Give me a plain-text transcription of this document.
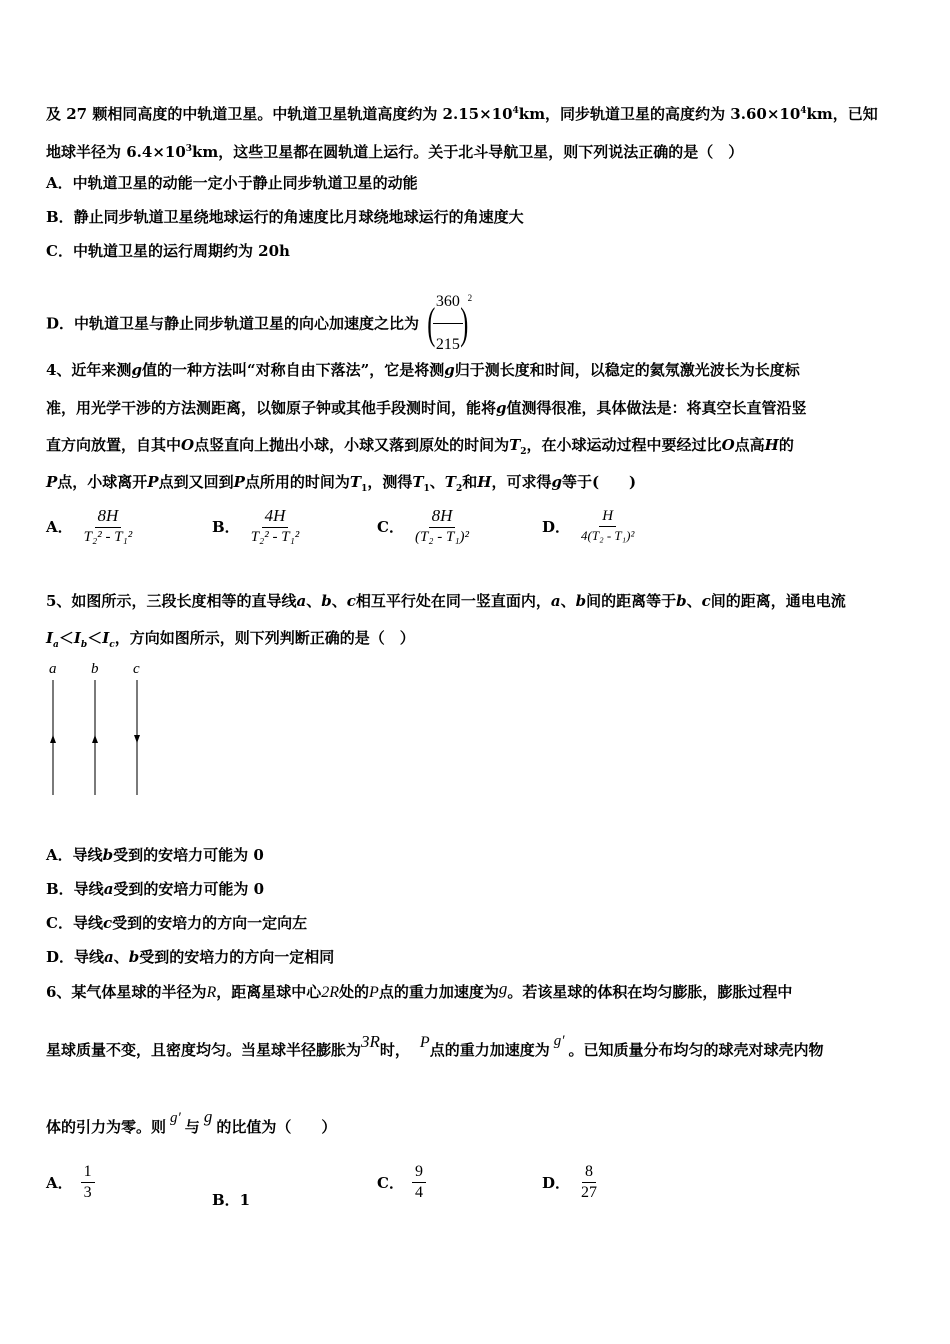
及 27 颗相同高度的中轨道卫星。中轨道卫星轨道高度约为 $2.15\times 10^4km$，同步轨道卫星的高度约为 $3.60\times 10^4km$，已知
地球半径为 $6.4\times 10^3km$，这些卫星都在圆轨道上运行。关于北斗导航卫星，则下列说法正确的是（　）
A．中轨道卫星的动能一定小于静止同步轨道卫星的动能
B．静止同步轨道卫星绕地球运行的角速度比月球绕地球运行的角速度大
C．中轨道卫星的运行周期约为 20h
D．中轨道卫星与静止同步轨道卫星的向心加速度之比为 (
$\frac{360}{215}$
)$^2$
4、近年来测g值的一种方法叫“对称自由下落法”，它是将测g归于测长度和时间，以稳定的氦氖激光波长为长度标
准，用光学干涉的方法测距离，以铷原子钟或其他手段测时间，能将g值测得很准，具体做法是：将真空长直管沿竖
直方向放置，自其中O点竖直向上抛出小球，小球又落到原处的时间为$T_2$，在小球运动过程中要经过比O点高H的
P点，小球离开P点到又回到P点所用的时间为$T_1$，测得$T_1$、$T_2$和H，可求得g等于(　　)
A． $\frac{8H}{\text{T₂² - T₁²}}$	B． $\frac{4H}{\text{T₂² - T₁²}}$	C． $\frac{8H}{\text{(T₂ - T₁)²}}$	D． $\frac{H}{\text{4(T₂ - T₁)²}}$
5、如图所示，三段长度相等的直导线a、b、c相互平行处在同一竖直面内，a、b间的距离等于b、c间的距离，通电电流
$I_a<I_b<I_c$，方向如图所示，则下列判断正确的是（　）
a b c
A．导线b受到的安培力可能为 0
B．导线a受到的安培力可能为 0
C．导线c受到的安培力的方向一定向左
D．导线a、b受到的安培力的方向一定相同
6、某气体星球的半径为R，距离星球中心2R处的P点的重力加速度为g。若该星球的体积在均匀膨胀，膨胀过程中
星球质量不变，且密度均匀。当星球半径膨胀为3R时， P点的重力加速度为 g′ 。已知质量分布均匀的球壳对球壳内物
体的引力为零。则 g′ 与g的比值为（　　）
A． $\frac{1}{3}$	B．1
C． $\frac{9}{4}$	D． $\frac{8}{27}$
